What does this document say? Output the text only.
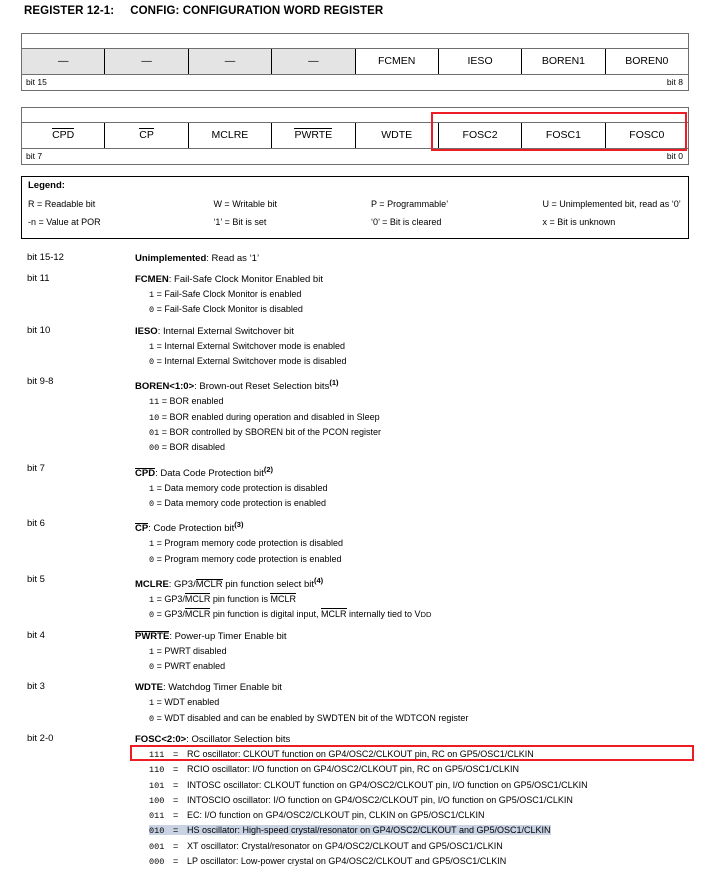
REGISTER 12-1: CONFIG: CONFIGURATION WORD REGISTER
—	—	—	—	FCMEN	IESO	BOREN1	BOREN0
bit 15	bit 8
CPD	CP	MCLRE	PWRTE	WDTE	FOSC2	FOSC1	FOSC0
bit 7	bit 0
Legend:
R = Readable bit	W = Writable bit	P = Programmable’	U = Unimplemented bit, read as ‘0’
-n = Value at POR	‘1’ = Bit is set	‘0’ = Bit is cleared	x = Bit is unknown
bit 15-12	Unimplemented: Read as ‘1’
bit 11	FCMEN: Fail-Safe Clock Monitor Enabled bit
1 = Fail-Safe Clock Monitor is enabled
0 = Fail-Safe Clock Monitor is disabled
bit 10	IESO: Internal External Switchover bit
1 = Internal External Switchover mode is enabled
0 = Internal External Switchover mode is disabled
bit 9-8	BOREN<1:0>: Brown-out Reset Selection bits$^{(1)}$
11 = BOR enabled
10 = BOR enabled during operation and disabled in Sleep
01 = BOR controlled by SBOREN bit of the PCON register
00 = BOR disabled
bit 7	CPD: Data Code Protection bit$^{(2)}$
1 = Data memory code protection is disabled
0 = Data memory code protection is enabled
bit 6	CP: Code Protection bit$^{(3)}$
1 = Program memory code protection is disabled
0 = Program memory code protection is enabled
bit 5	MCLRE: GP3/MCLR pin function select bit$^{(4)}$
1 = GP3/MCLR pin function is MCLR
0 = GP3/MCLR pin function is digital input, MCLR internally tied to VDD
bit 4	PWRTE: Power-up Timer Enable bit
1 = PWRT disabled
0 = PWRT enabled
bit 3	WDTE: Watchdog Timer Enable bit
1 = WDT enabled
0 = WDT disabled and can be enabled by SWDTEN bit of the WDTCON register
bit 2-0	FOSC<2:0>: Oscillator Selection bits
111=RC oscillator: CLKOUT function on GP4/OSC2/CLKOUT pin, RC on GP5/OSC1/CLKIN
110=RCIO oscillator: I/O function on GP4/OSC2/CLKOUT pin, RC on GP5/OSC1/CLKIN
101=INTOSC oscillator: CLKOUT function on GP4/OSC2/CLKOUT pin, I/O function on GP5/OSC1/CLKIN
100=INTOSCIO oscillator: I/O function on GP4/OSC2/CLKOUT pin, I/O function on GP5/OSC1/CLKIN
011=EC: I/O function on GP4/OSC2/CLKOUT pin, CLKIN on GP5/OSC1/CLKIN
010=HS oscillator: High-speed crystal/resonator on GP4/OSC2/CLKOUT and GP5/OSC1/CLKIN
001=XT oscillator: Crystal/resonator on GP4/OSC2/CLKOUT and GP5/OSC1/CLKIN
000=LP oscillator: Low-power crystal on GP4/OSC2/CLKOUT and GP5/OSC1/CLKIN
